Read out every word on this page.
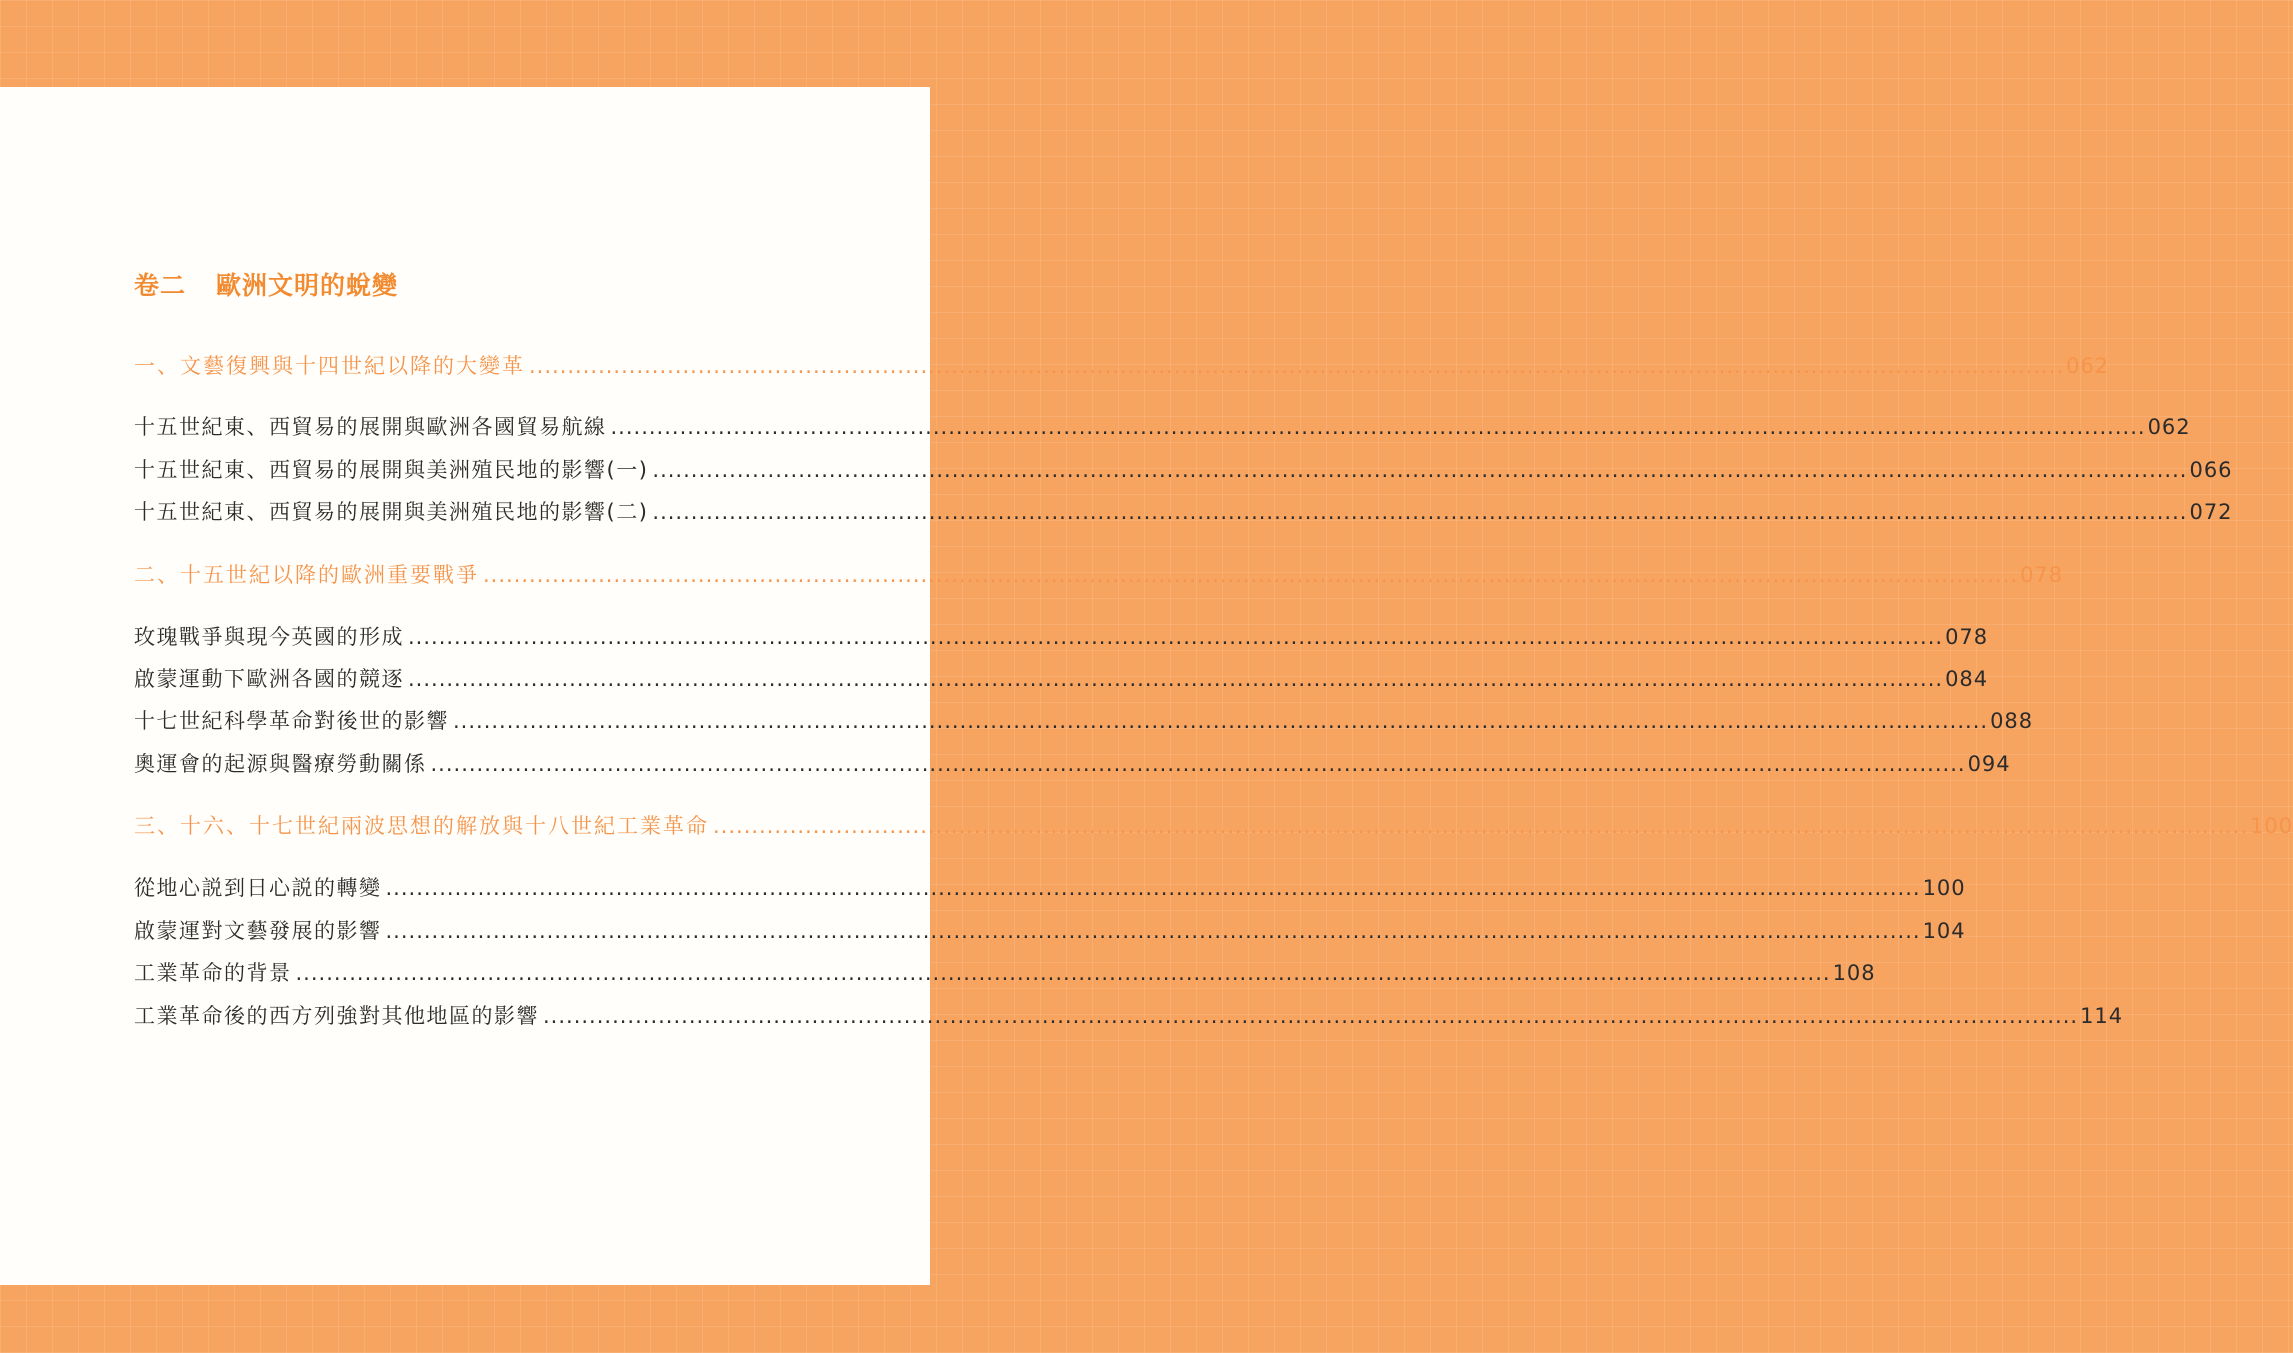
卷二 歐洲文明的蛻變
一、文藝復興與十四世紀以降的大變革 ........................................................................................................................................................................................................ 062
十五世紀東、西貿易的展開與歐洲各國貿易航線 ........................................................................................................................................................................................................ 062
十五世紀東、西貿易的展開與美洲殖民地的影響(一) ........................................................................................................................................................................................................ 066
十五世紀東、西貿易的展開與美洲殖民地的影響(二) ........................................................................................................................................................................................................ 072
二、十五世紀以降的歐洲重要戰爭 ........................................................................................................................................................................................................ 078
玫瑰戰爭與現今英國的形成 ........................................................................................................................................................................................................ 078
啟蒙運動下歐洲各國的競逐 ........................................................................................................................................................................................................ 084
十七世紀科學革命對後世的影響 ........................................................................................................................................................................................................ 088
奧運會的起源與醫療勞動關係 ........................................................................................................................................................................................................ 094
三、十六、十七世紀兩波思想的解放與十八世紀工業革命 ........................................................................................................................................................................................................ 100
從地心説到日心説的轉變 ........................................................................................................................................................................................................ 100
啟蒙運對文藝發展的影響 ........................................................................................................................................................................................................ 104
工業革命的背景 ........................................................................................................................................................................................................ 108
工業革命後的西方列強對其他地區的影響 ........................................................................................................................................................................................................ 114
